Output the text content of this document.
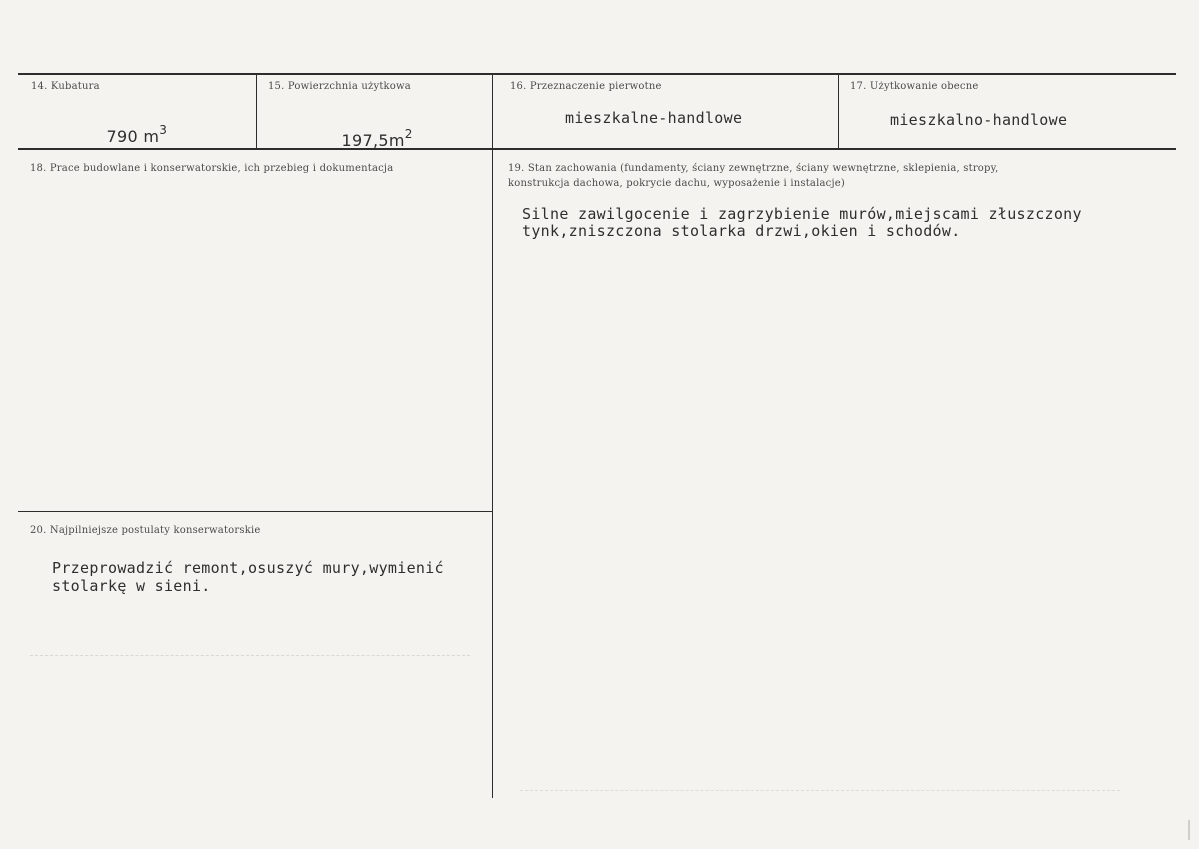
14. Kubatura

790 $m^3$

15. Powierzchnia użytkowa

$197,5m^2$

16. Przeznaczenie pierwotne
mieszkalne-handlowe
17. Użytkowanie obecne
mieszkalno-handlowe
18. Prace budowlane i konserwatorskie, ich przebieg i dokumentacja	19. Stan zachowania (fundamenty, ściany zewnętrzne, ściany wewnętrzne, sklepienia, stropy,
konstrukcja dachowa, pokrycie dachu, wyposażenie i instalacje)
Silne zawilgocenie i zagrzybienie murów,miejscami złuszczony
tynk,zniszczona stolarka drzwi,okien i schodów.
20. Najpilniejsze postulaty konserwatorskie
Przeprowadzić remont,osuszyć mury,wymienić
stolarkę w sieni.
